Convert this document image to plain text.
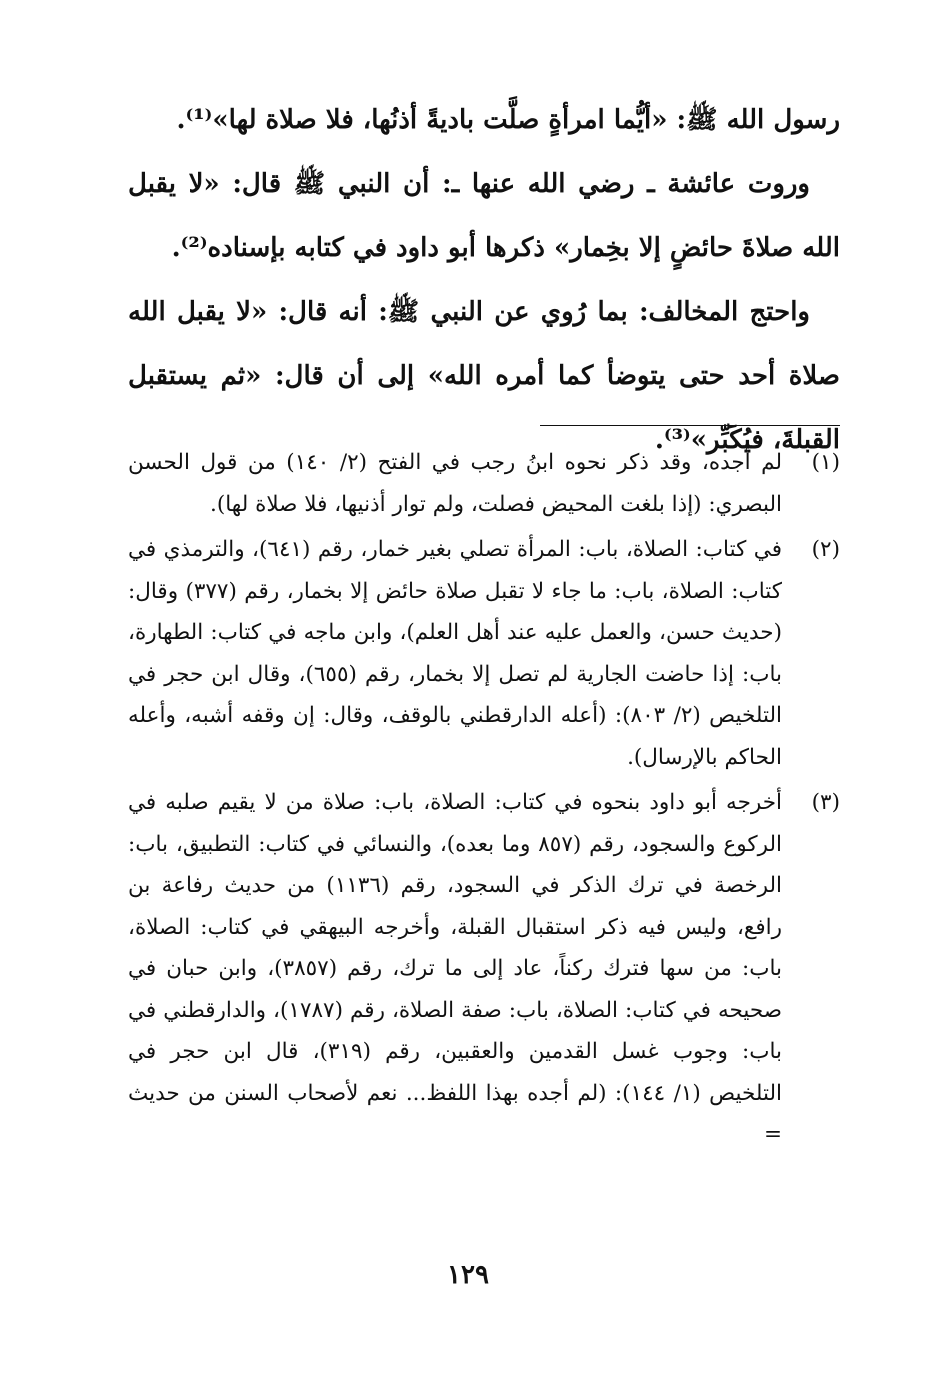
رسول الله ﷺ: «أيُّما امرأةٍ صلَّت باديةً أذنُها، فلا صلاة لها»⁽¹⁾.

وروت عائشة ـ رضي الله عنها ـ: أن النبي ﷺ قال: «لا يقبل الله صلاةَ حائضٍ إلا بخِمار» ذكرها أبو داود في كتابه بإسناده⁽²⁾.

واحتج المخالف: بما رُوي عن النبي ﷺ: أنه قال: «لا يقبل الله صلاة أحد حتى يتوضأ كما أمره الله» إلى أن قال: «ثم يستقبل القبلةَ، فيُكَبِّر»⁽³⁾.

(١)
لم أجده، وقد ذكر نحوه ابنُ رجب في الفتح (٢/ ١٤٠) من قول الحسن البصري: (إذا بلغت المحيض فصلت، ولم توار أذنيها، فلا صلاة لها).
(٢)
في كتاب: الصلاة، باب: المرأة تصلي بغير خمار، رقم (٦٤١)، والترمذي في كتاب: الصلاة، باب: ما جاء لا تقبل صلاة حائض إلا بخمار، رقم (٣٧٧) وقال: (حديث حسن، والعمل عليه عند أهل العلم)، وابن ماجه في كتاب: الطهارة، باب: إذا حاضت الجارية لم تصل إلا بخمار، رقم (٦٥٥)، وقال ابن حجر في التلخيص (٢/ ٨٠٣): (أعله الدارقطني بالوقف، وقال: إن وقفه أشبه، وأعله الحاكم بالإرسال).
(٣)
أخرجه أبو داود بنحوه في كتاب: الصلاة، باب: صلاة من لا يقيم صلبه في الركوع والسجود، رقم (٨٥٧ وما بعده)، والنسائي في كتاب: التطبيق، باب: الرخصة في ترك الذكر في السجود، رقم (١١٣٦) من حديث رفاعة بن رافع، وليس فيه ذكر استقبال القبلة، وأخرجه البيهقي في كتاب: الصلاة، باب: من سها فترك ركناً، عاد إلى ما ترك، رقم (٣٨٥٧)، وابن حبان في صحيحه في كتاب: الصلاة، باب: صفة الصلاة، رقم (١٧٨٧)، والدارقطني في باب: وجوب غسل القدمين والعقبين، رقم (٣١٩)، قال ابن حجر في التلخيص (١/ ١٤٤): (لم أجده بهذا اللفظ... نعم لأصحاب السنن من حديث =
١٢٩
